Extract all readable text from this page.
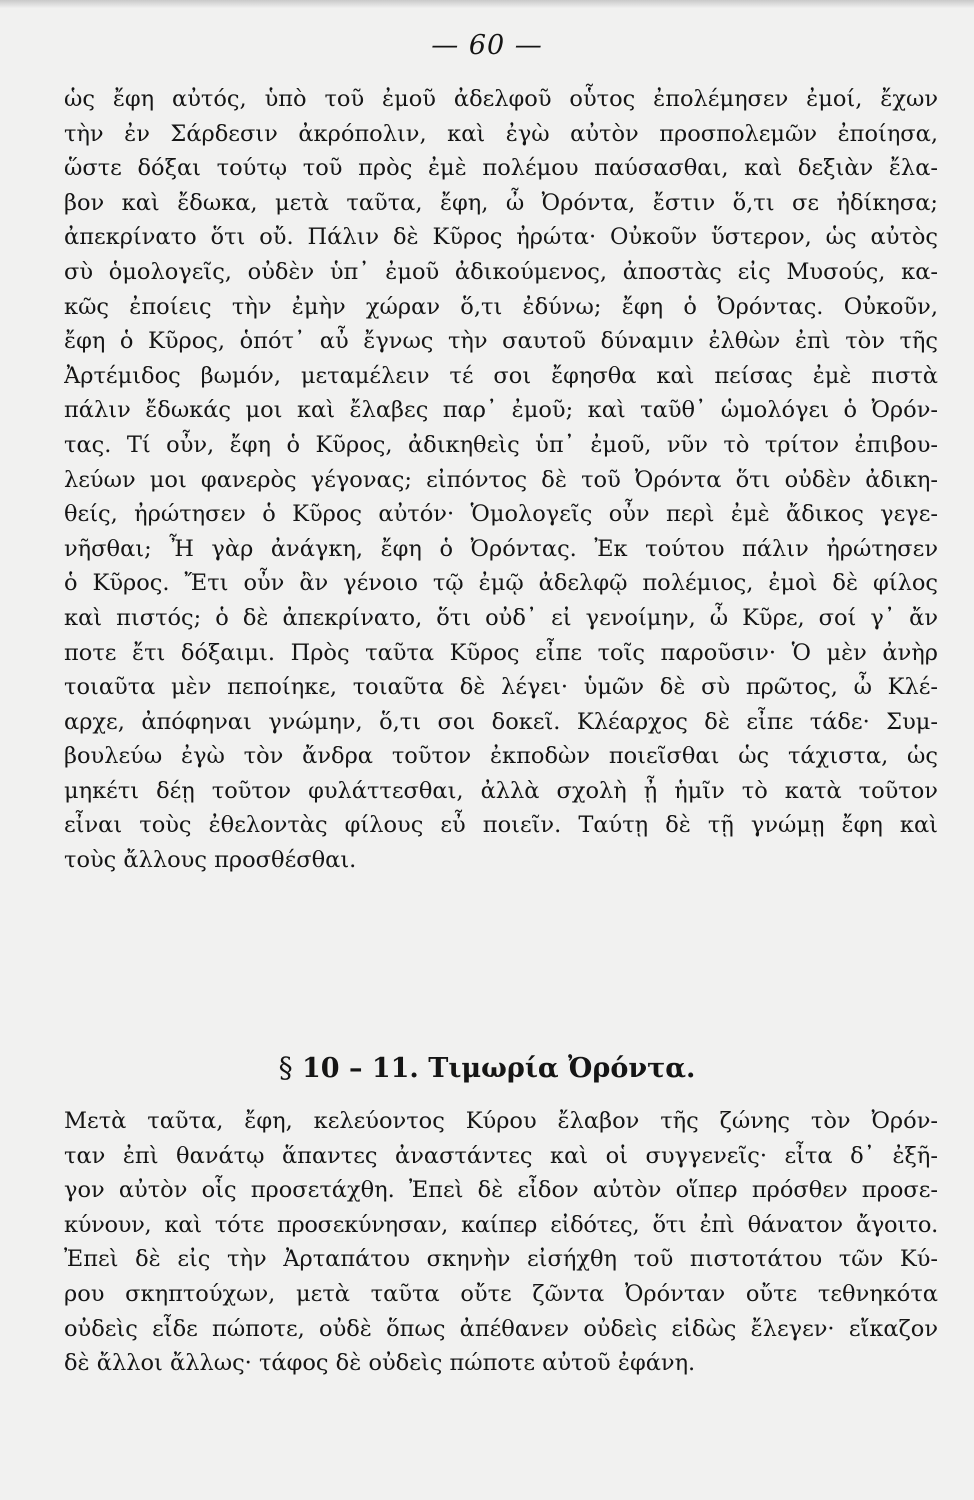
— 60 —
ὡς ἔφη αὐτός, ὑπὸ τοῦ ἐμοῦ ἀδελφοῦ οὗτος ἐπολέμησεν ἐμοί, ἔχων
τὴν ἐν Σάρδεσιν ἀκρόπολιν, καὶ ἐγὼ αὐτὸν προσπολεμῶν ἐποίησα,
ὥστε δόξαι τούτῳ τοῦ πρὸς ἐμὲ πολέμου παύσασθαι, καὶ δεξιὰν ἔλα-
βον καὶ ἔδωκα, μετὰ ταῦτα, ἔφη, ὦ Ὀρόντα, ἔστιν ὅ,τι σε ἠδίκησα;
ἀπεκρίνατο ὅτι οὔ. Πάλιν δὲ Κῦρος ἠρώτα· Οὐκοῦν ὕστερον, ὡς αὐτὸς
σὺ ὁμολογεῖς, οὐδὲν ὑπ᾽ ἐμοῦ ἀδικούμενος, ἀποστὰς εἰς Μυσούς, κα-
κῶς ἐποίεις τὴν ἐμὴν χώραν ὅ,τι ἐδύνω; ἔφη ὁ Ὀρόντας. Οὐκοῦν,
ἔφη ὁ Κῦρος, ὁπότ᾽ αὖ ἔγνως τὴν σαυτοῦ δύναμιν ἐλθὼν ἐπὶ τὸν τῆς
Ἀρτέμιδος βωμόν, μεταμέλειν τέ σοι ἔφησθα καὶ πείσας ἐμὲ πιστὰ
πάλιν ἔδωκάς μοι καὶ ἔλαβες παρ᾽ ἐμοῦ; καὶ ταῦθ᾽ ὡμολόγει ὁ Ὀρόν-
τας. Τί οὖν, ἔφη ὁ Κῦρος, ἀδικηθεὶς ὑπ᾽ ἐμοῦ, νῦν τὸ τρίτον ἐπιβου-
λεύων μοι φανερὸς γέγονας; εἰπόντος δὲ τοῦ Ὀρόντα ὅτι οὐδὲν ἀδικη-
θείς, ἠρώτησεν ὁ Κῦρος αὐτόν· Ὁμολογεῖς οὖν περὶ ἐμὲ ἄδικος γεγε-
νῆσθαι; Ἦ γὰρ ἀνάγκη, ἔφη ὁ Ὀρόντας. Ἐκ τούτου πάλιν ἠρώτησεν
ὁ Κῦρος. Ἔτι οὖν ἂν γένοιο τῷ ἐμῷ ἀδελφῷ πολέμιος, ἐμοὶ δὲ φίλος
καὶ πιστός; ὁ δὲ ἀπεκρίνατο, ὅτι οὐδ᾽ εἰ γενοίμην, ὦ Κῦρε, σοί γ᾽ ἄν
ποτε ἔτι δόξαιμι. Πρὸς ταῦτα Κῦρος εἶπε τοῖς παροῦσιν· Ὁ μὲν ἀνὴρ
τοιαῦτα μὲν πεποίηκε, τοιαῦτα δὲ λέγει· ὑμῶν δὲ σὺ πρῶτος, ὦ Κλέ-
αρχε, ἀπόφηναι γνώμην, ὅ,τι σοι δοκεῖ. Κλέαρχος δὲ εἶπε τάδε· Συμ-
βουλεύω ἐγὼ τὸν ἄνδρα τοῦτον ἐκποδὼν ποιεῖσθαι ὡς τάχιστα, ὡς
μηκέτι δέῃ τοῦτον φυλάττεσθαι, ἀλλὰ σχολὴ ᾖ ἡμῖν τὸ κατὰ τοῦτον
εἶναι τοὺς ἐθελοντὰς φίλους εὖ ποιεῖν. Ταύτῃ δὲ τῇ γνώμῃ ἔφη καὶ
τοὺς ἄλλους προσθέσθαι.
§ 10 – 11. Τιμωρία Ὀρόντα.
Μετὰ ταῦτα, ἔφη, κελεύοντος Κύρου ἔλαβον τῆς ζώνης τὸν Ὀρόν-
ταν ἐπὶ θανάτῳ ἅπαντες ἀναστάντες καὶ οἱ συγγενεῖς· εἶτα δ᾽ ἐξῆ-
γον αὐτὸν οἷς προσετάχθη. Ἐπεὶ δὲ εἶδον αὐτὸν οἵπερ πρόσθεν προσε-
κύνουν, καὶ τότε προσεκύνησαν, καίπερ εἰδότες, ὅτι ἐπὶ θάνατον ἄγοιτο.
Ἐπεὶ δὲ εἰς τὴν Ἀρταπάτου σκηνὴν εἰσήχθη τοῦ πιστοτάτου τῶν Κύ-
ρου σκηπτούχων, μετὰ ταῦτα οὔτε ζῶντα Ὀρόνταν οὔτε τεθνηκότα
οὐδεὶς εἶδε πώποτε, οὐδὲ ὅπως ἀπέθανεν οὐδεὶς εἰδὼς ἔλεγεν· εἴκαζον
δὲ ἄλλοι ἄλλως· τάφος δὲ οὐδεὶς πώποτε αὐτοῦ ἐφάνη.
